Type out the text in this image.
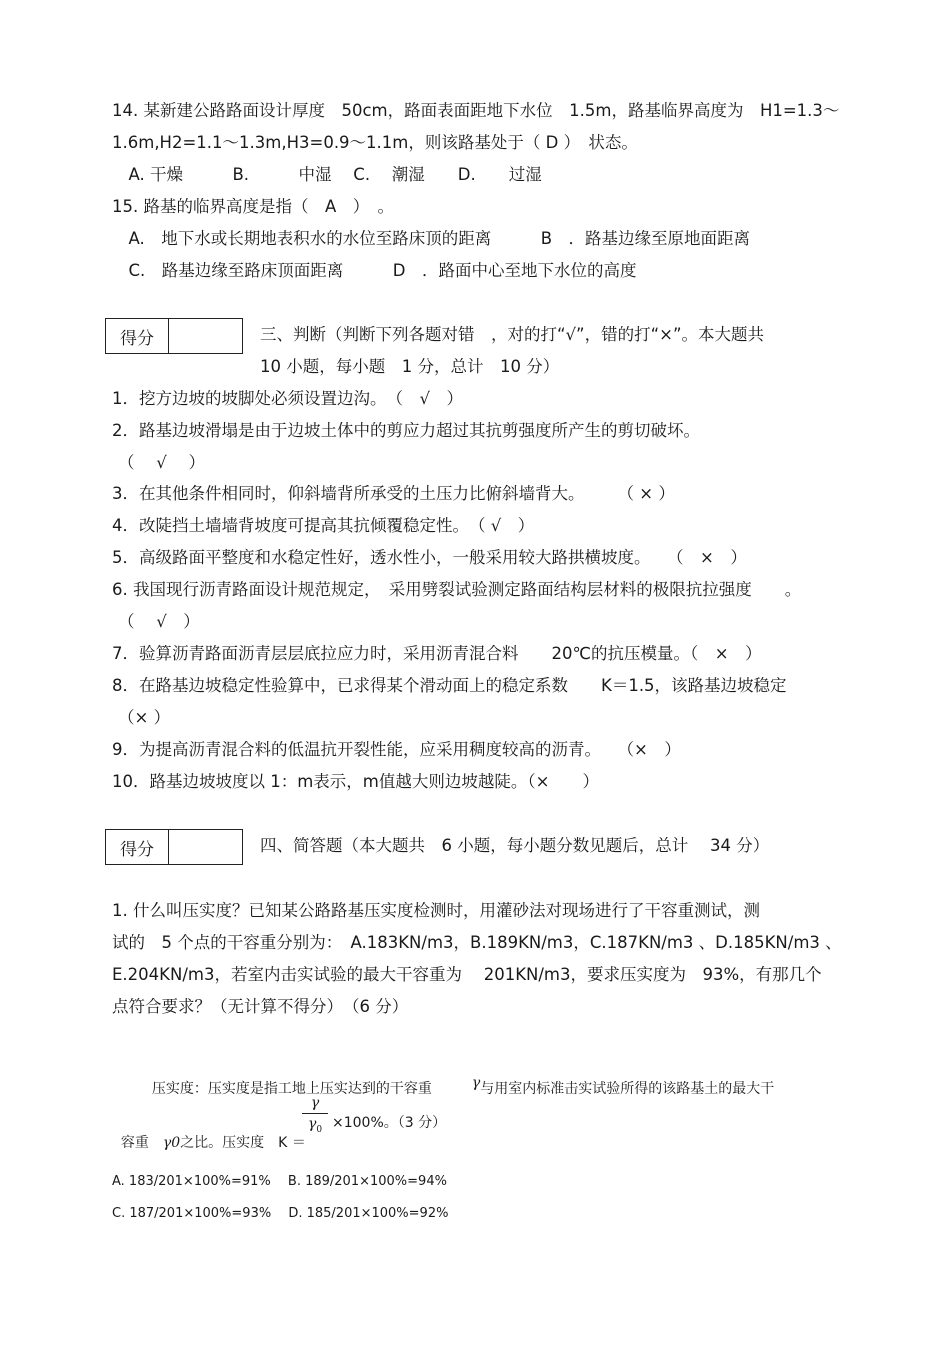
14. 某新建公路路面设计厚度　50cm，路面表面距地下水位　1.5m，路基临界高度为　H1=1.3～
1.6m,H2=1.1～1.3m,H3=0.9～1.1m，则该路基处于（ D ）　状态。
　A. 干燥　　　B.　　　中湿　 C.　 潮湿　　D.　　过湿
15. 路基的临界高度是指（　A　）　。
　A.　地下水或长期地表积水的水位至路床顶的距离　　　B　．路基边缘至原地面距离
　C.　路基边缘至路床顶面距离　　　D　．路面中心至地下水位的高度
得分	三、判断（判断下列各题对错　，对的打“√”，错的打“×”。本大题共
10 小题，每小题　1 分，总计　10 分）
1．挖方边坡的坡脚处必须设置边沟。　（　√　）
2．路基边坡滑塌是由于边坡土体中的剪应力超过其抗剪强度所产生的剪切破坏。
（　 √　 ）
3．在其他条件相同时，仰斜墙背所承受的土压力比俯斜墙背大。　　　（ × ）
4．改陡挡土墙墙背坡度可提高其抗倾覆稳定性。　（ √　）
5．高级路面平整度和水稳定性好，透水性小，一般采用较大路拱横坡度。　　（　×　）
6. 我国现行沥青路面设计规范规定，　采用劈裂试验测定路面结构层材料的极限抗拉强度　　。
（　 √　）
7．验算沥青路面沥青层层底拉应力时，采用沥青混合料　　20℃的抗压模量。（　×　）
8．在路基边坡稳定性验算中，已求得某个滑动面上的稳定系数　　K＝1.5，该路基边坡稳定
（× ）
9．为提高沥青混合料的低温抗开裂性能，应采用稠度较高的沥青。　　（×　）
10．路基边坡坡度以 1：m表示，m值越大则边坡越陡。（×　　）
得分	四、简答题（本大题共　6 小题，每小题分数见题后，总计　 34 分）
1. 什么叫压实度？已知某公路路基压实度检测时，用灌砂法对现场进行了干容重测试，测
试的　5 个点的干容重分别为：　A.183KN/m3，B.189KN/m3，C.187KN/m3 、D.185KN/m3 、
E.204KN/m3，若室内击实试验的最大干容重为　 201KN/m3，要求压实度为　93%，有那几个
点符合要求？（无计算不得分）　（6 分）

压实度：压实度是指工地上压实达到的干容重	γ与用室内标准击实试验所得的该路基土的最大干

容重　 γ0之比。压实度　K ＝

γ
$\gamma_0 \times 100\%$。（3 分）
A. 183/201×100%=91%　 B. 189/201×100%=94%
C. 187/201×100%=93%　 D. 185/201×100%=92%
